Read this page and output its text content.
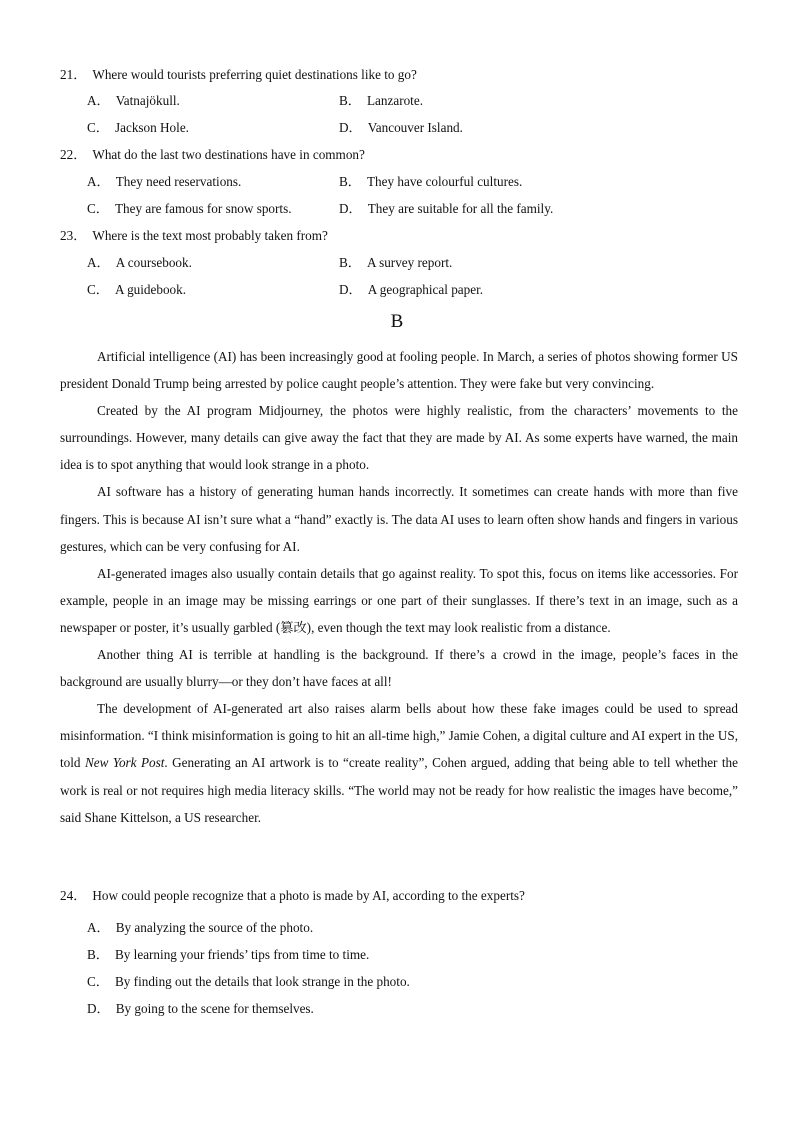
21． Where would tourists preferring quiet destinations like to go?
A． Vatnajökull.	B． Lanzarote.
C． Jackson Hole.	D． Vancouver Island.
22． What do the last two destinations have in common?
A． They need reservations.	B． They have colourful cultures.
C． They are famous for snow sports.	D． They are suitable for all the family.
23． Where is the text most probably taken from?
A． A coursebook.	B． A survey report.
C． A guidebook.	D． A geographical paper.
B

Artificial intelligence (AI) has been increasingly good at fooling people. In March, a series of photos showing former US president Donald Trump being arrested by police caught people’s attention. They were fake but very convincing.

Created by the AI program Midjourney, the photos were highly realistic, from the characters’ movements to the surroundings. However, many details can give away the fact that they are made by AI. As some experts have warned, the main idea is to spot anything that would look strange in a photo.

AI software has a history of generating human hands incorrectly. It sometimes can create hands with more than five fingers. This is because AI isn’t sure what a “hand” exactly is. The data AI uses to learn often show hands and fingers in various gestures, which can be very confusing for AI.

AI-generated images also usually contain details that go against reality. To spot this, focus on items like accessories. For example, people in an image may be missing earrings or one part of their sunglasses. If there’s text in an image, such as a newspaper or poster, it’s usually garbled (篡改), even though the text may look realistic from a distance.

Another thing AI is terrible at handling is the background. If there’s a crowd in the image, people’s faces in the background are usually blurry—or they don’t have faces at all!

The development of AI-generated art also raises alarm bells about how these fake images could be used to spread misinformation. “I think misinformation is going to hit an all-time high,” Jamie Cohen, a digital culture and AI expert in the US, told New York Post. Generating an AI artwork is to “create reality”, Cohen argued, adding that being able to tell whether the work is real or not requires high media literacy skills. “The world may not be ready for how realistic the images have become,” said Shane Kittelson, a US researcher.

24． How could people recognize that a photo is made by AI, according to the experts?
A． By analyzing the source of the photo.
B． By learning your friends’ tips from time to time.
C． By finding out the details that look strange in the photo.
D． By going to the scene for themselves.
